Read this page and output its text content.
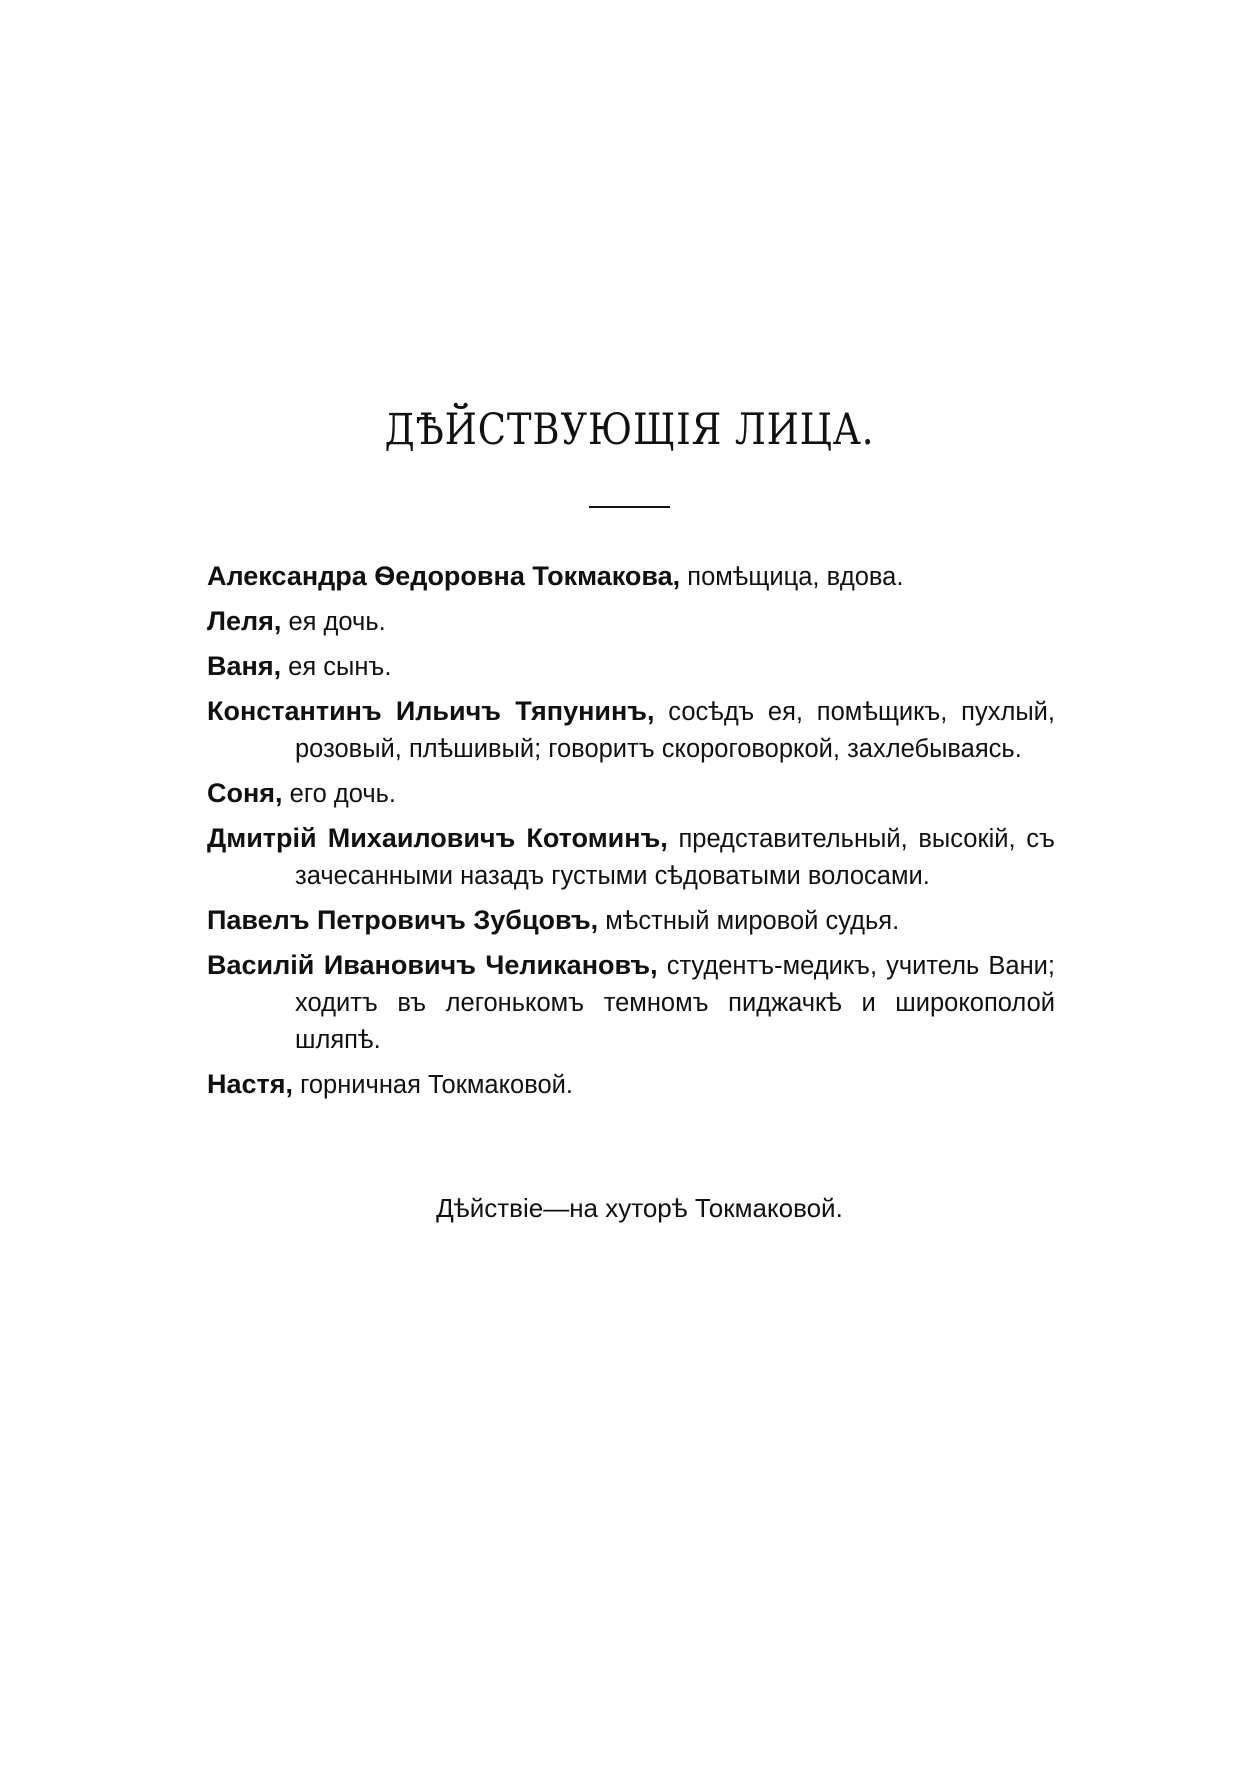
ДѢЙСТВУЮЩІЯ ЛИЦА.

Александра Ѳедоровна Токмакова, помѣщица, вдова.

Леля, ея дочь.

Ваня, ея сынъ.

Константинъ Ильичъ Тяпунинъ, сосѣдъ ея, помѣщикъ, пухлый, розовый, плѣшивый; говоритъ скороговоркой, захлебываясь.

Соня, его дочь.

Дмитрій Михаиловичъ Котоминъ, представительный, высокій, съ зачесанными назадъ густыми сѣдоватыми волосами.

Павелъ Петровичъ Зубцовъ, мѣстный мировой судья.

Василій Ивановичъ Челикановъ, студентъ-медикъ, учитель Вани; ходитъ въ легонькомъ темномъ пиджачкѣ и широкополой шляпѣ.

Настя, горничная Токмаковой.

Дѣйствіе—на хуторѣ Токмаковой.
